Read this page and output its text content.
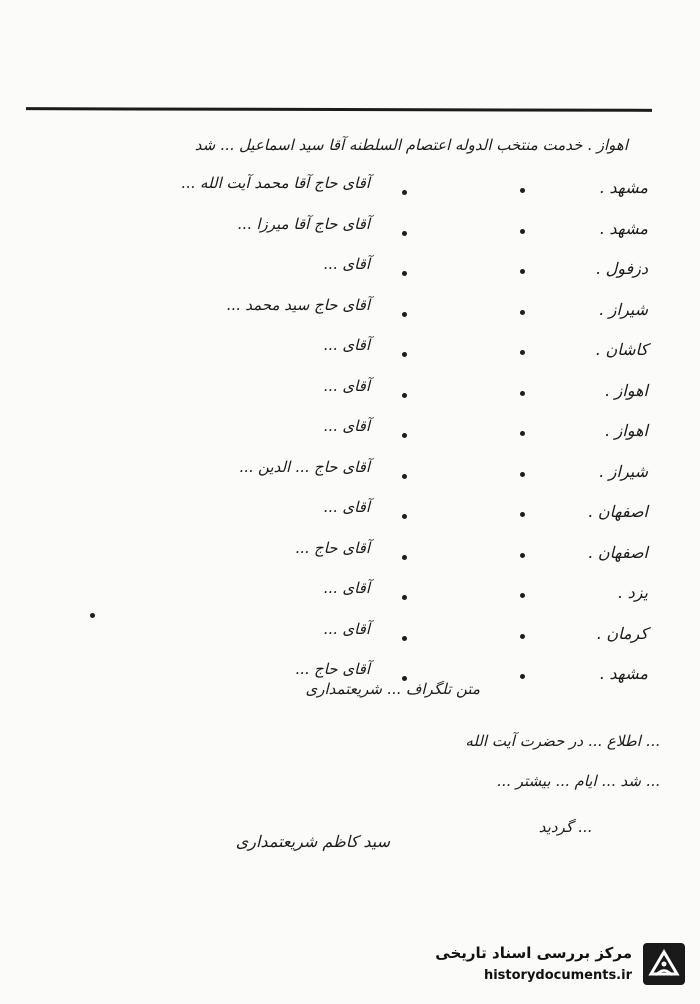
اهواز . خدمت منتخب الدوله اعتصام السلطنه آقا سید اسماعیل ... شد
آقای حاج آقا محمد آیت الله ...	مشهد .
آقای حاج آقا میرزا ...	مشهد .
آقای ...	دزفول .
آقای حاج سید محمد ...	شیراز .
آقای ...	کاشان .
آقای ...	اهواز .
آقای ...	اهواز .
آقای حاج ... الدین ...	شیراز .
آقای ...	اصفهان .
آقای حاج ...	اصفهان .
آقای ...	یزد .
آقای ...	کرمان .
آقای حاج ...	مشهد .
متن تلگراف ... شریعتمداری
... اطلاع ... در حضرت آیت الله
... شد ... ایام ... بیشتر ...
... گردید
سید کاظم شریعتمداری
مرکز بررسی اسناد تاریخی
historydocuments.ir
